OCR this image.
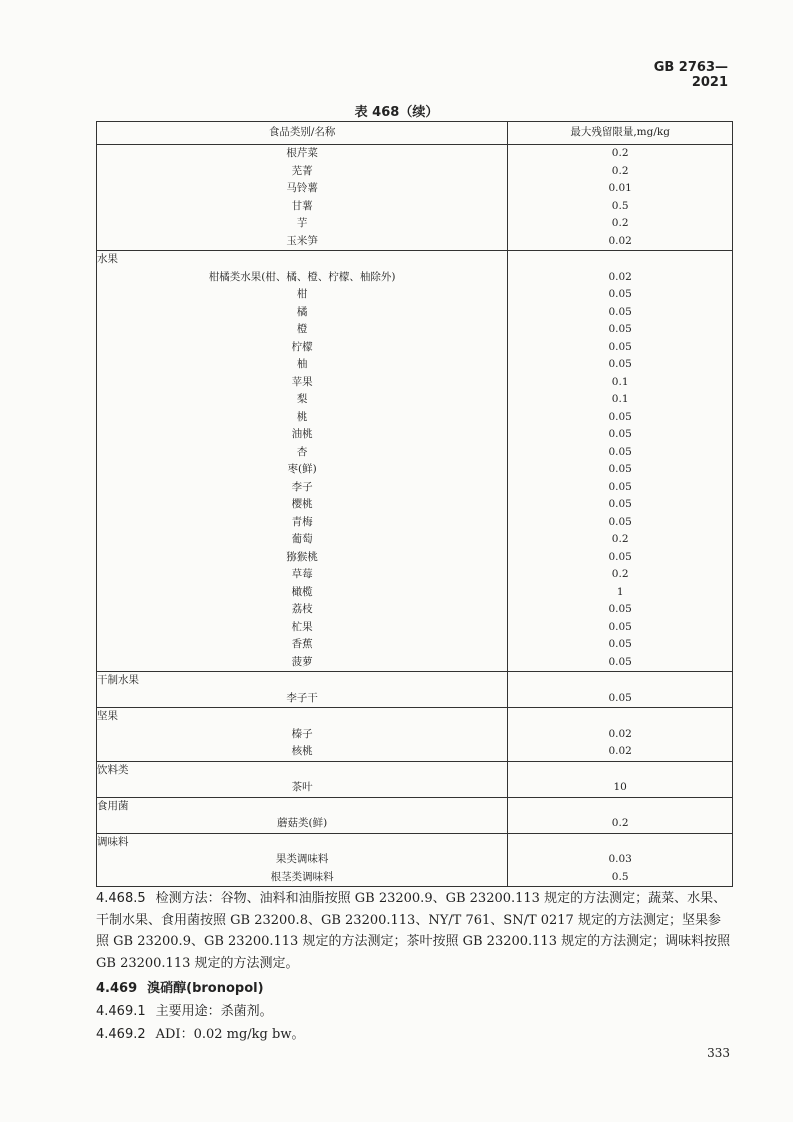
GB 2763—2021
表 468（续）
食品类别/名称	最大残留限量,mg/kg
根芹菜	0.2
芜菁	0.2
马铃薯	0.01
甘薯	0.5
芋	0.2
玉米笋	0.02
水果	
柑橘类水果(柑、橘、橙、柠檬、柚除外)	0.02
柑	0.05
橘	0.05
橙	0.05
柠檬	0.05
柚	0.05
苹果	0.1
梨	0.1
桃	0.05
油桃	0.05
杏	0.05
枣(鲜)	0.05
李子	0.05
樱桃	0.05
青梅	0.05
葡萄	0.2
猕猴桃	0.05
草莓	0.2
橄榄	1
荔枝	0.05
杧果	0.05
香蕉	0.05
菠萝	0.05
干制水果	
李子干	0.05
坚果	
榛子	0.02
核桃	0.02
饮料类	
茶叶	10
食用菌	
蘑菇类(鲜)	0.2
调味料	
果类调味料	0.03
根茎类调味料	0.5
4.468.5 检测方法：谷物、油料和油脂按照 GB 23200.9、GB 23200.113 规定的方法测定；蔬菜、水果、干制水果、食用菌按照 GB 23200.8、GB 23200.113、NY/T 761、SN/T 0217 规定的方法测定；坚果参照 GB 23200.9、GB 23200.113 规定的方法测定；茶叶按照 GB 23200.113 规定的方法测定；调味料按照 GB 23200.113 规定的方法测定。
4.469 溴硝醇(bronopol)
4.469.1 主要用途：杀菌剂。
4.469.2 ADI：0.02 mg/kg bw。
333
